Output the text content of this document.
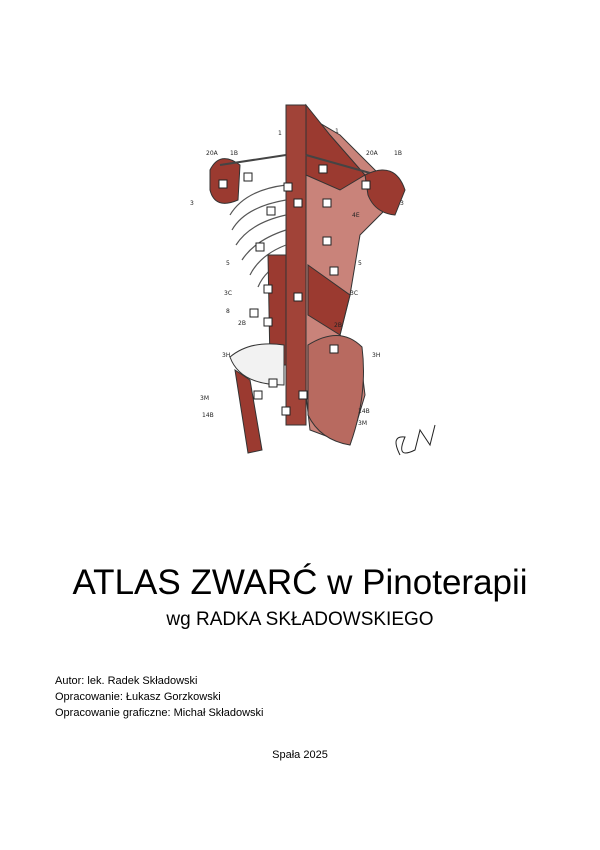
20A 1B
1
3
5
3C
8
2B
3H
3M
14B
1
20A	1B
3
4E
5
3C
2B
3H
14B
3M
ATLAS ZWARĆ w Pinoterapii
wg RADKA SKŁADOWSKIEGO
Autor: lek. Radek Składowski
Opracowanie: Łukasz Gorzkowski
Opracowanie graficzne: Michał Składowski
Spała 2025
